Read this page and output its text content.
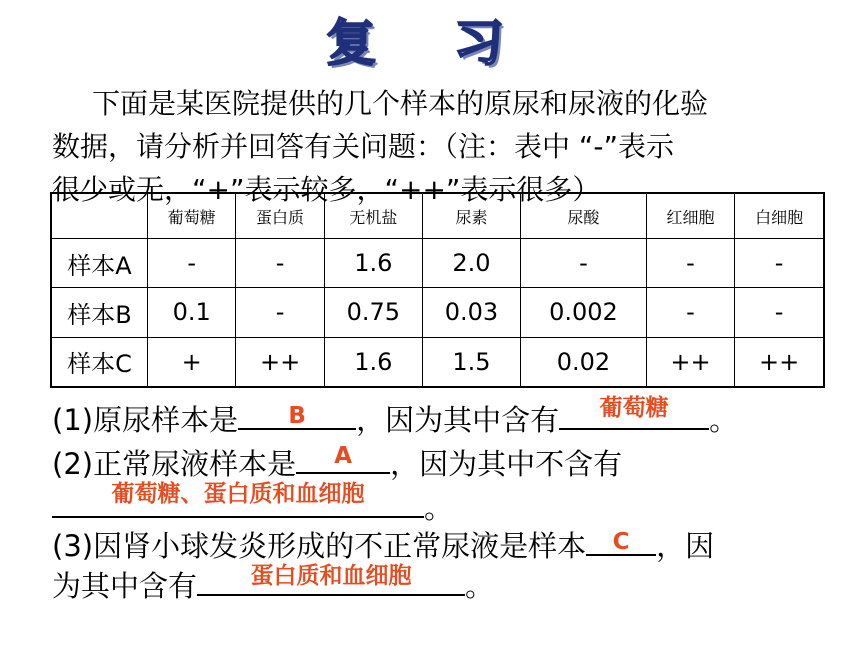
复 习

下面是某医院提供的几个样本的原尿和尿液的化验

数据，请分析并回答有关问题：（注：表中 “-”表示

很少或无，“+”表示较多，“++”表示很多）

	葡萄糖	蛋白质	无机盐	尿素	尿酸	红细胞	白细胞
样本A	-	-	1.6	2.0	-	-	-
样本B	0.1	-	0.75	0.03	0.002	-	-
样本C	+	++	1.6	1.5	0.02	++	++
(1)原尿样本是	B	，因为其中含有	葡萄糖	。
(2)正常尿液样本是	A	，因为其中不含有
葡萄糖、蛋白质和血细胞	。
(3)因肾小球发炎形成的不正常尿液是样本	C ，因
为其中含有	蛋白质和血细胞	。
